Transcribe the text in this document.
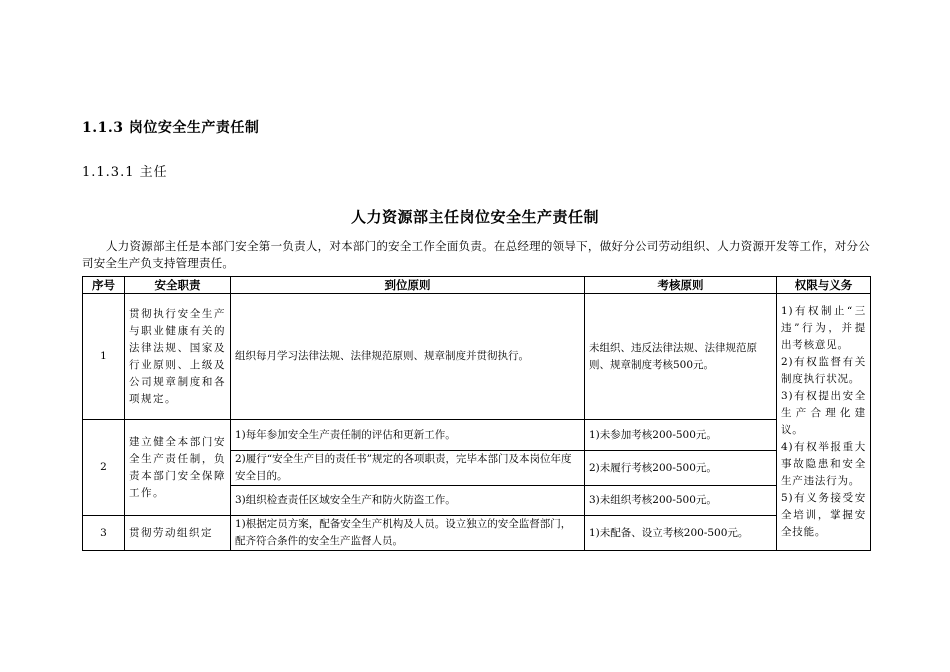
1.1.3 岗位安全生产责任制
1.1.3.1 主任
人力资源部主任岗位安全生产责任制
人力资源部主任是本部门安全第一负责人，对本部门的安全工作全面负责。在总经理的领导下，做好分公司劳动组织、人力资源开发等工作，对分公司安全生产负支持管理责任。
序号	安全职责	到位原则	考核原则	权限与义务
1	贯彻执行安全生产与职业健康有关的法律法规、国家及行业原则、上级及公司规章制度和各项规定。	组织每月学习法律法规、法律规范原则、规章制度并贯彻执行。	未组织、违反法律法规、法律规范原则、规章制度考核500元。	1)有权制止“三违”行为，并提出考核意见。
2)有权监督有关制度执行状况。
3)有权提出安全生产合理化建议。
4)有权举报重大事故隐患和安全生产违法行为。
5)有义务接受安全培训，掌握安全技能。

2	建立健全本部门安全生产责任制，负责本部门安全保障工作。	1)每年参加安全生产责任制的评估和更新工作。	1)未参加考核200-500元。	
		2)履行“安全生产目的责任书”规定的各项职责，完毕本部门及本岗位年度安全目的。	2)未履行考核200-500元。	
		3)组织检查责任区域安全生产和防火防盗工作。	3)未组织考核200-500元。	
3	贯彻劳动组织定	1)根据定员方案，配备安全生产机构及人员。设立独立的安全监督部门，配齐符合条件的安全生产监督人员。	1)未配备、设立考核200-500元。	
